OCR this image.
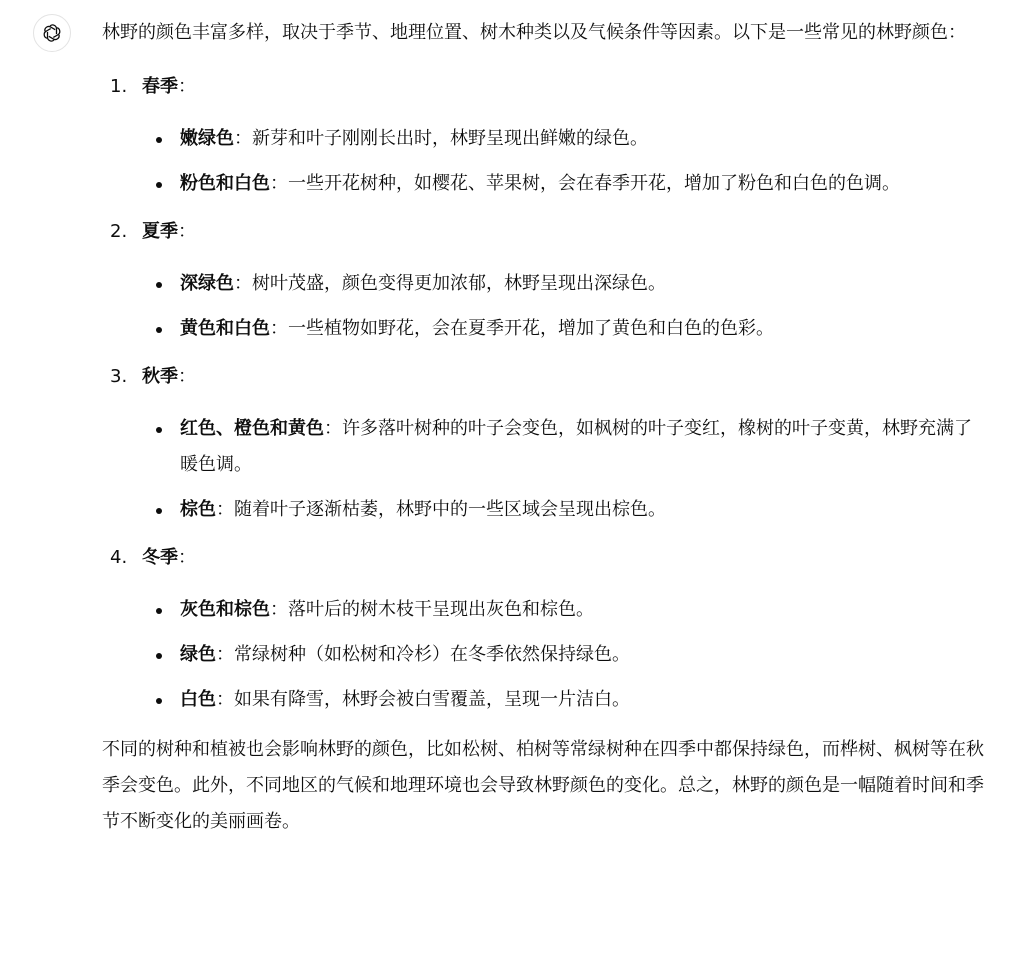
林野的颜色丰富多样，取决于季节、地理位置、树木种类以及气候条件等因素。以下是一些常见的林野颜色：

1. 春季：
嫩绿色：新芽和叶子刚刚长出时，林野呈现出鲜嫩的绿色。
粉色和白色：一些开花树种，如樱花、苹果树，会在春季开花，增加了粉色和白色的色调。
2. 夏季：
深绿色：树叶茂盛，颜色变得更加浓郁，林野呈现出深绿色。
黄色和白色：一些植物如野花，会在夏季开花，增加了黄色和白色的色彩。
3. 秋季：
红色、橙色和黄色：许多落叶树种的叶子会变色，如枫树的叶子变红，橡树的叶子变黄，林野充满了暖色调。
棕色：随着叶子逐渐枯萎，林野中的一些区域会呈现出棕色。
4. 冬季：
灰色和棕色：落叶后的树木枝干呈现出灰色和棕色。
绿色：常绿树种（如松树和冷杉）在冬季依然保持绿色。
白色：如果有降雪，林野会被白雪覆盖，呈现一片洁白。

不同的树种和植被也会影响林野的颜色，比如松树、柏树等常绿树种在四季中都保持绿色，而桦树、枫树等在秋季会变色。此外，不同地区的气候和地理环境也会导致林野颜色的变化。总之，林野的颜色是一幅随着时间和季节不断变化的美丽画卷。
